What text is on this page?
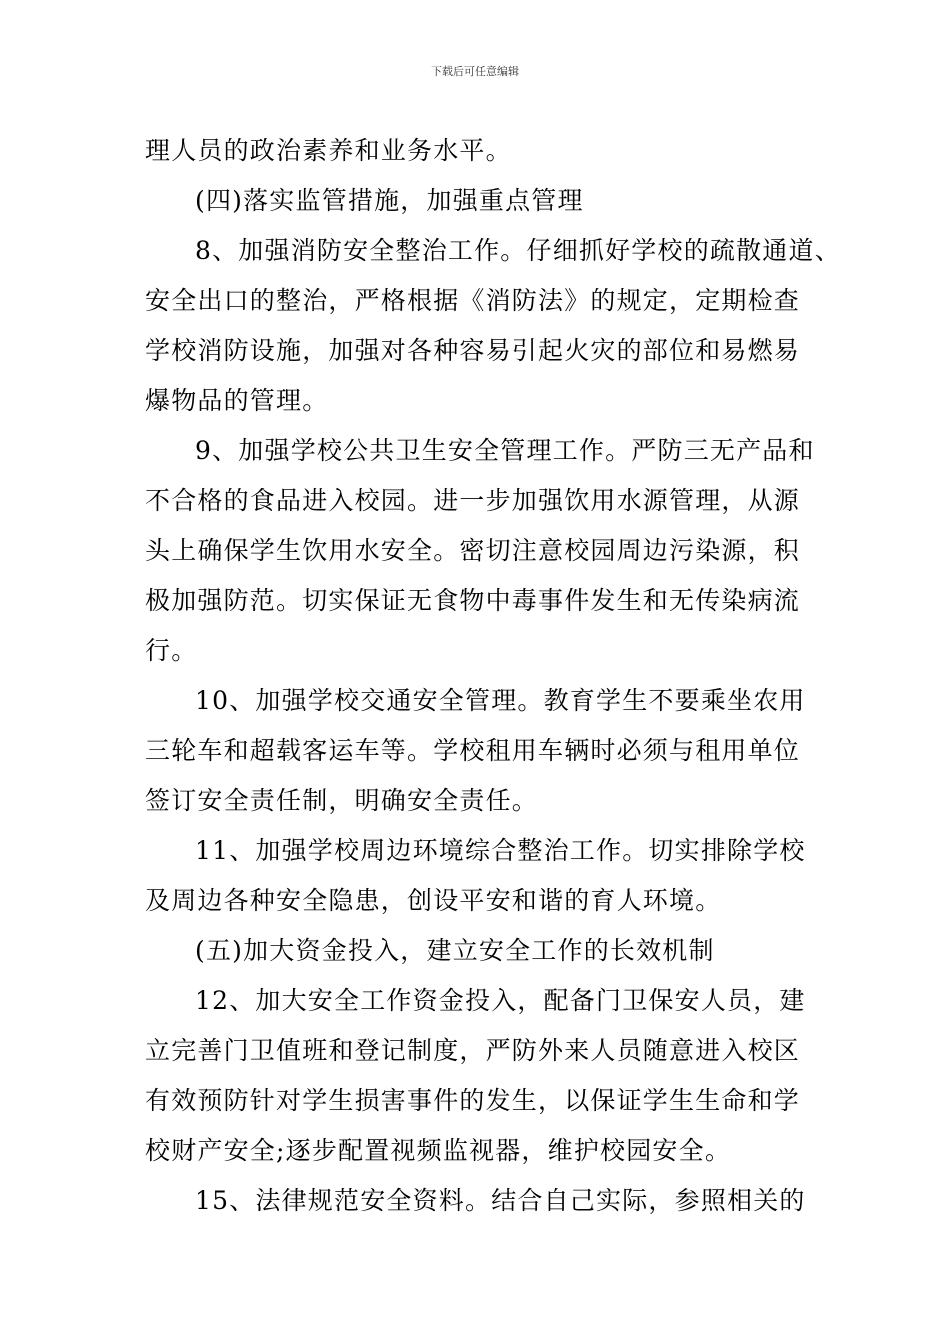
下载后可任意编辑
理人员的政治素养和业务水平。
(四)落实监管措施，加强重点管理
8、加强消防安全整治工作。仔细抓好学校的疏散通道、
安全出口的整治，严格根据《消防法》的规定，定期检查
学校消防设施，加强对各种容易引起火灾的部位和易燃易
爆物品的管理。
9、加强学校公共卫生安全管理工作。严防三无产品和
不合格的食品进入校园。进一步加强饮用水源管理，从源
头上确保学生饮用水安全。密切注意校园周边污染源，积
极加强防范。切实保证无食物中毒事件发生和无传染病流
行。
10、加强学校交通安全管理。教育学生不要乘坐农用
三轮车和超载客运车等。学校租用车辆时必须与租用单位
签订安全责任制，明确安全责任。
11、加强学校周边环境综合整治工作。切实排除学校
及周边各种安全隐患，创设平安和谐的育人环境。
(五)加大资金投入，建立安全工作的长效机制
12、加大安全工作资金投入，配备门卫保安人员，建
立完善门卫值班和登记制度，严防外来人员随意进入校区
有效预防针对学生损害事件的发生，以保证学生生命和学
校财产安全;逐步配置视频监视器，维护校园安全。
15、法律规范安全资料。结合自己实际，参照相关的
